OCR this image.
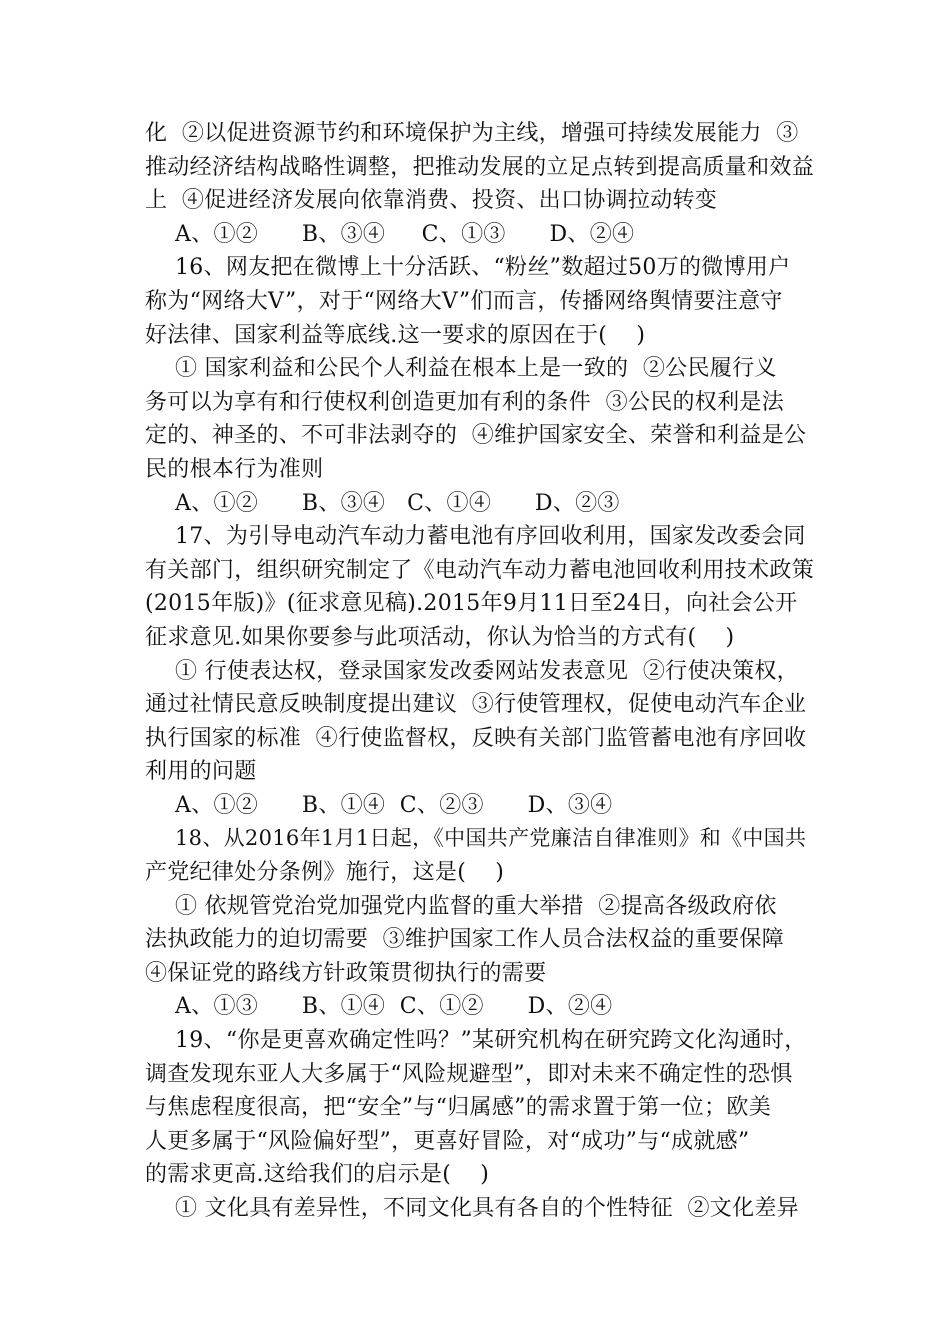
化  ②以促进资源节约和环境保护为主线，增强可持续发展能力  ③
推动经济结构战略性调整，把推动发展的立足点转到提高质量和效益
上  ④促进经济发展向依靠消费、投资、出口协调拉动转变
A、①②      B、③④     C、①③      D、②④
16、网友把在微博上十分活跃、“粉丝”数超过50万的微博用户
称为“网络大V”，对于“网络大V”们而言，传播网络舆情要注意守
好法律、国家利益等底线.这一要求的原因在于(    )
① 国家利益和公民个人利益在根本上是一致的  ②公民履行义
务可以为享有和行使权利创造更加有利的条件  ③公民的权利是法
定的、神圣的、不可非法剥夺的  ④维护国家安全、荣誉和利益是公
民的根本行为准则
A、①②      B、③④   C、①④      D、②③
17、为引导电动汽车动力蓄电池有序回收利用，国家发改委会同
有关部门，组织研究制定了《电动汽车动力蓄电池回收利用技术政策
(2015年版)》(征求意见稿).2015年9月11日至24日，向社会公开
征求意见.如果你要参与此项活动，你认为恰当的方式有(    )
① 行使表达权，登录国家发改委网站发表意见  ②行使决策权，
通过社情民意反映制度提出建议  ③行使管理权，促使电动汽车企业
执行国家的标准  ④行使监督权，反映有关部门监管蓄电池有序回收
利用的问题
A、①②      B、①④  C、②③      D、③④
18、从2016年1月1日起，《中国共产党廉洁自律准则》和《中国共
产党纪律处分条例》施行，这是(    )
① 依规管党治党加强党内监督的重大举措  ②提高各级政府依
法执政能力的迫切需要  ③维护国家工作人员合法权益的重要保障
④保证党的路线方针政策贯彻执行的需要
A、①③      B、①④  C、①②      D、②④
19、“你是更喜欢确定性吗？”某研究机构在研究跨文化沟通时，
调查发现东亚人大多属于“风险规避型”，即对未来不确定性的恐惧
与焦虑程度很高，把“安全”与“归属感”的需求置于第一位；欧美
人更多属于“风险偏好型”，更喜好冒险，对“成功”与“成就感”
的需求更高.这给我们的启示是(    )
① 文化具有差异性，不同文化具有各自的个性特征  ②文化差异
